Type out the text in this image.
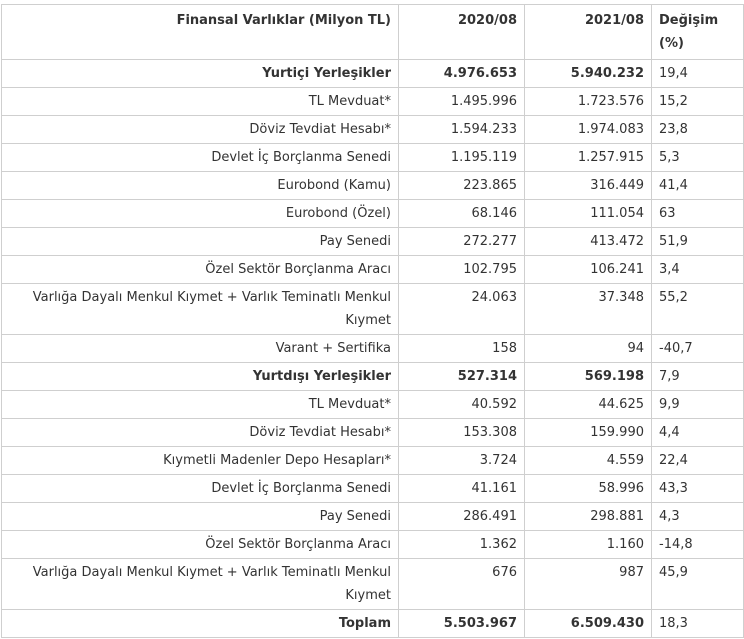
Finansal Varlıklar (Milyon TL)	2020/08	2021/08	Değişim (%)
Yurtiçi Yerleşikler	4.976.653	5.940.232	19,4
TL Mevduat*	1.495.996	1.723.576	15,2
Döviz Tevdiat Hesabı*	1.594.233	1.974.083	23,8
Devlet İç Borçlanma Senedi	1.195.119	1.257.915	5,3
Eurobond (Kamu)	223.865	316.449	41,4
Eurobond (Özel)	68.146	111.054	63
Pay Senedi	272.277	413.472	51,9
Özel Sektör Borçlanma Aracı	102.795	106.241	3,4
Varlığa Dayalı Menkul Kıymet + Varlık Teminatlı Menkul Kıymet	24.063	37.348	55,2
Varant + Sertifika	158	94	-40,7
Yurtdışı Yerleşikler	527.314	569.198	7,9
TL Mevduat*	40.592	44.625	9,9
Döviz Tevdiat Hesabı*	153.308	159.990	4,4
Kıymetli Madenler Depo Hesapları*	3.724	4.559	22,4
Devlet İç Borçlanma Senedi	41.161	58.996	43,3
Pay Senedi	286.491	298.881	4,3
Özel Sektör Borçlanma Aracı	1.362	1.160	-14,8
Varlığa Dayalı Menkul Kıymet + Varlık Teminatlı Menkul Kıymet	676	987	45,9
Toplam	5.503.967	6.509.430	18,3
